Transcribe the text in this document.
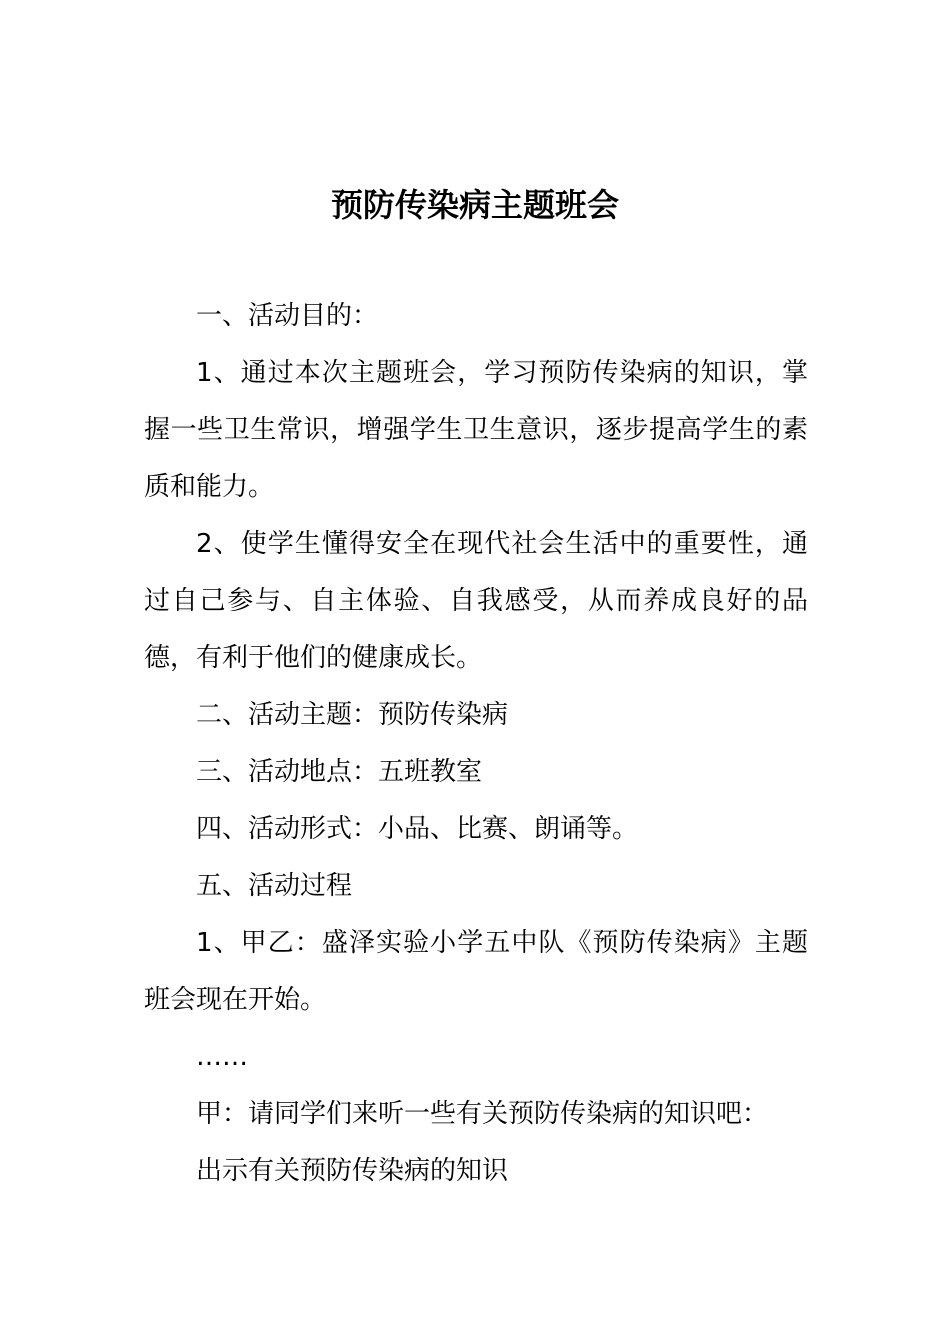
预防传染病主题班会

一、活动目的：

1、通过本次主题班会，学习预防传染病的知识，掌握一些卫生常识，增强学生卫生意识，逐步提高学生的素质和能力。

2、使学生懂得安全在现代社会生活中的重要性，通过自己参与、自主体验、自我感受，从而养成良好的品德，有利于他们的健康成长。

二、活动主题：预防传染病

三、活动地点：五班教室

四、活动形式：小品、比赛、朗诵等。

五、活动过程

1、甲乙：盛泽实验小学五中队《预防传染病》主题班会现在开始。

……

甲：请同学们来听一些有关预防传染病的知识吧：

出示有关预防传染病的知识
